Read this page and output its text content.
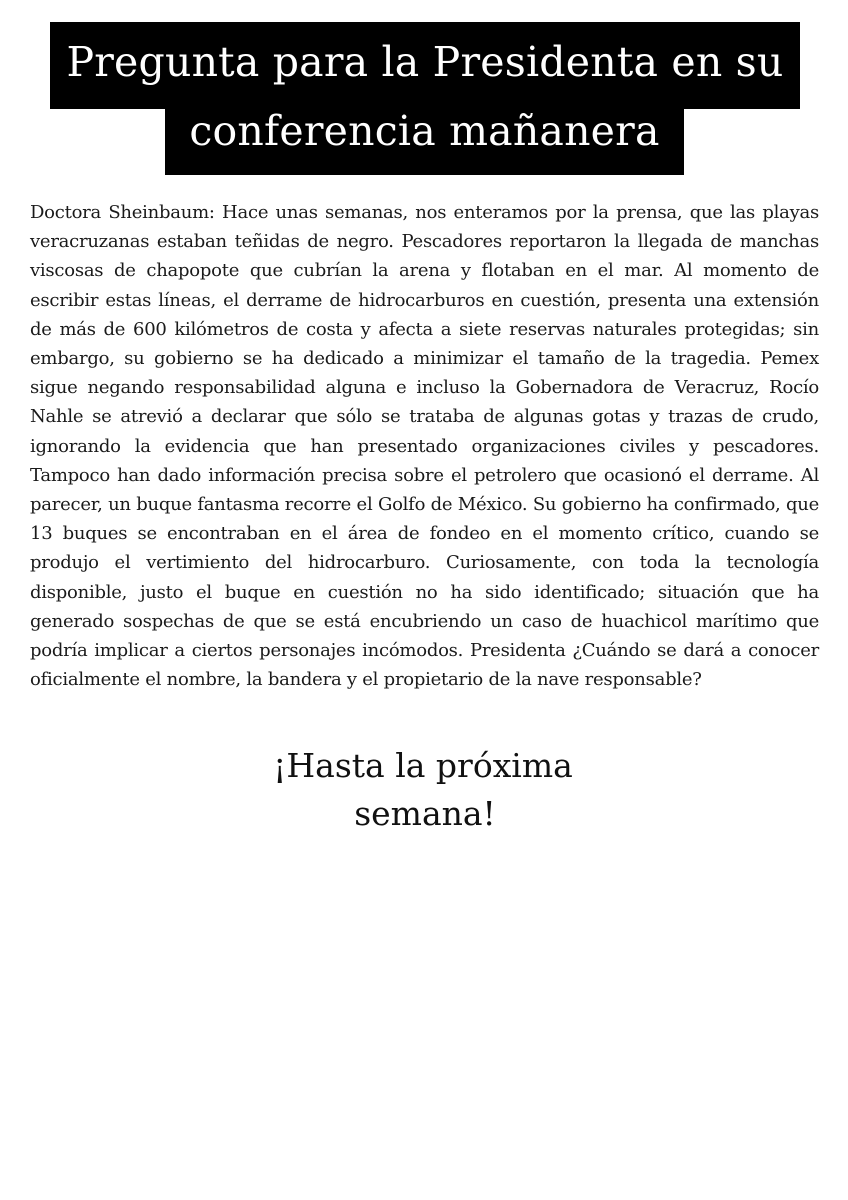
Pregunta para la Presidenta en su
conferencia mañanera

Doctora Sheinbaum: Hace unas semanas, nos enteramos por la prensa, que las playas veracruzanas estaban teñidas de negro. Pescadores reportaron la llegada de manchas viscosas de chapopote que cubrían la arena y flotaban en el mar. Al momento de escribir estas líneas, el derrame de hidrocarburos en cuestión, presenta una extensión de más de 600 kilómetros de costa y afecta a siete reservas naturales protegidas; sin embargo, su gobierno se ha dedicado a minimizar el tamaño de la tragedia. Pemex sigue negando responsabilidad alguna e incluso la Gobernadora de Veracruz, Rocío Nahle se atrevió a declarar que sólo se trataba de algunas gotas y trazas de crudo, ignorando la evidencia que han presentado organizaciones civiles y pescadores. Tampoco han dado información precisa sobre el petrolero que ocasionó el derrame. Al parecer, un buque fantasma recorre el Golfo de México. Su gobierno ha confirmado, que 13 buques se encontraban en el área de fondeo en el momento crítico, cuando se produjo el vertimiento del hidrocarburo. Curiosamente, con toda la tecnología disponible, justo el buque en cuestión no ha sido identificado; situación que ha generado sospechas de que se está encubriendo un caso de huachicol marítimo que podría implicar a ciertos personajes incómodos. Presidenta ¿Cuándo se dará a conocer oficialmente el nombre, la bandera y el propietario de la nave responsable?

¡Hasta la próxima
semana!
